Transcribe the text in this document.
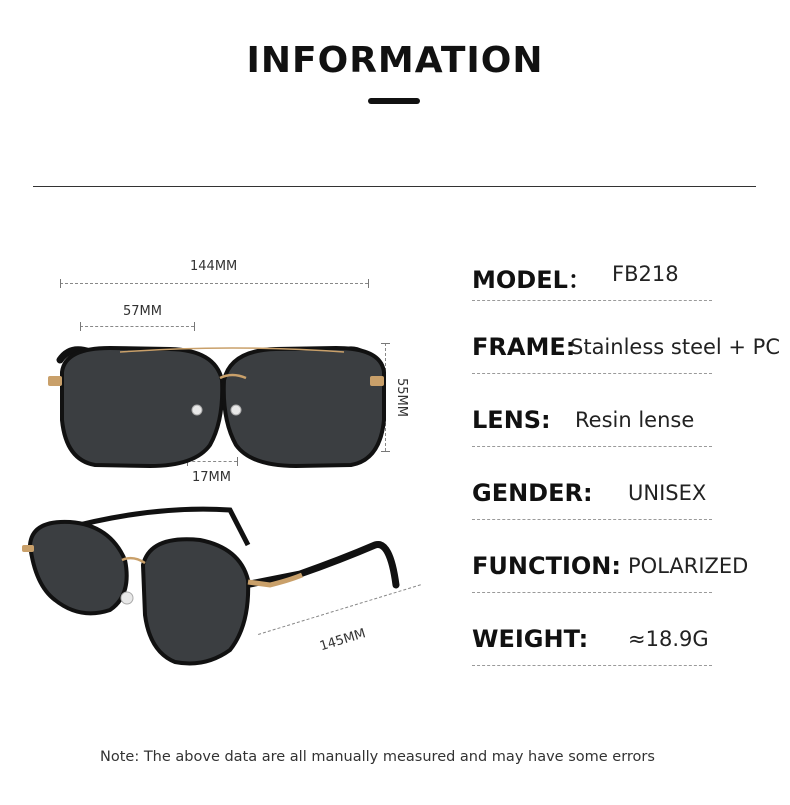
INFORMATION
144MM
57MM
55MM
17MM
145MM
MODEL： FB218
FRAME:
Stainless steel + PC
LENS: Resin lense
GENDER: UNISEX
FUNCTION: POLARIZED
WEIGHT: ≈18.9G
Note: The above data are all manually measured and may have some errors
